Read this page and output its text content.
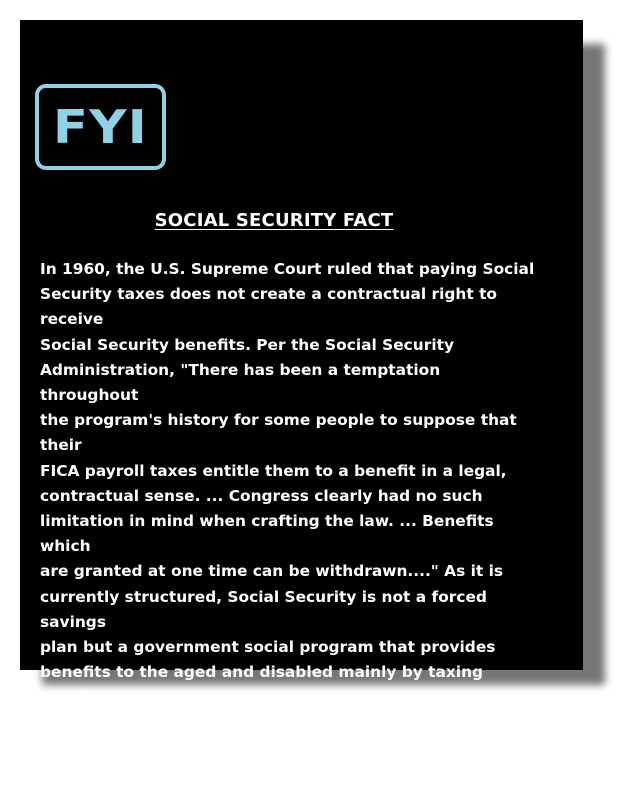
FYI
SOCIAL SECURITY FACT
In 1960, the U.S. Supreme Court ruled that paying Social
Security taxes does not create a contractual right to receive
Social Security benefits. Per the Social Security
Administration, "There has been a temptation throughout
the program's history for some people to suppose that their
FICA payroll taxes entitle them to a benefit in a legal,
contractual sense. ... Congress clearly had no such
limitation in mind when crafting the law. ... Benefits which
are granted at one time can be withdrawn...." As it is
currently structured, Social Security is not a forced savings
plan but a government social program that provides
benefits to the aged and disabled mainly by taxing people
who are working. However, proposals have been made to
give Social Security an element of personal ownership as in
many other countries.
